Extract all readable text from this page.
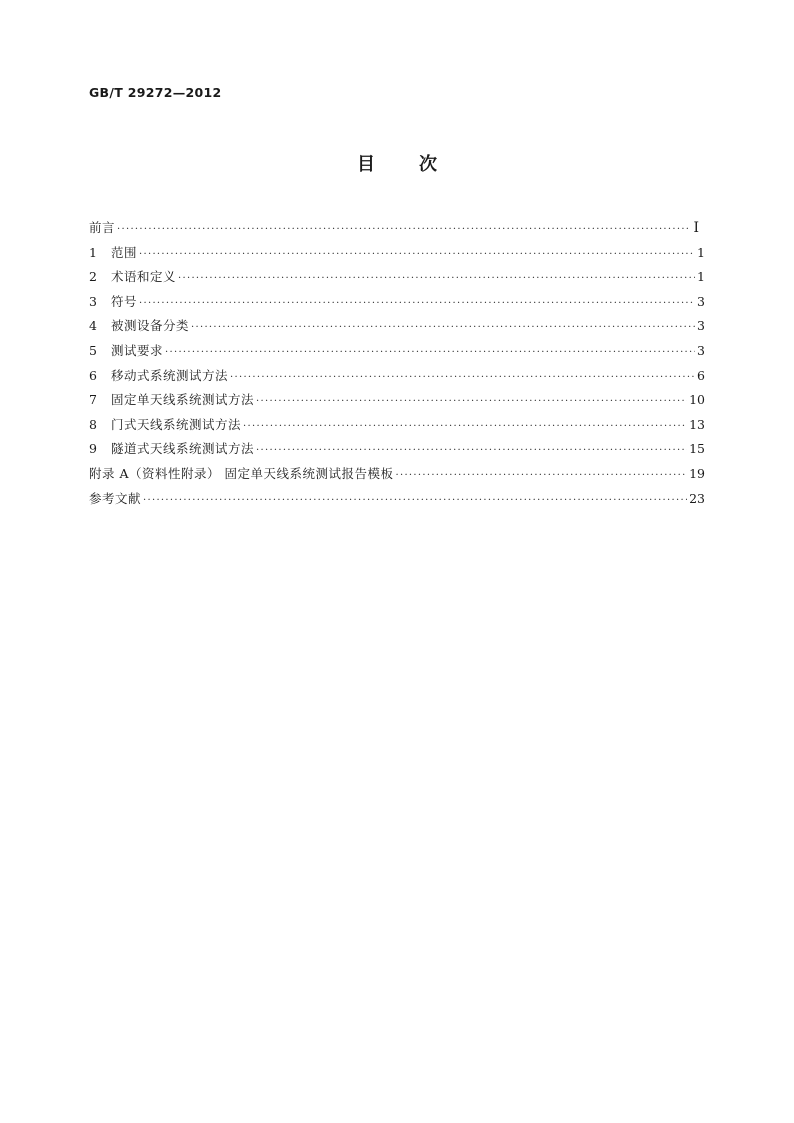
GB/T 29272—2012
目 次
前言 ·····	Ⅰ
1	范围 ·····	1
2	术语和定义 ·····	1
3	符号 ·····	3
4	被测设备分类 ·····	3
5	测试要求 ·····	3
6	移动式系统测试方法 ·····	6
7	固定单天线系统测试方法 ·····	10
8	门式天线系统测试方法 ·····	13
9	隧道式天线系统测试方法 ·····	15
附录 A（资料性附录） 固定单天线系统测试报告模板 ·····	19
参考文献 ·····	23
